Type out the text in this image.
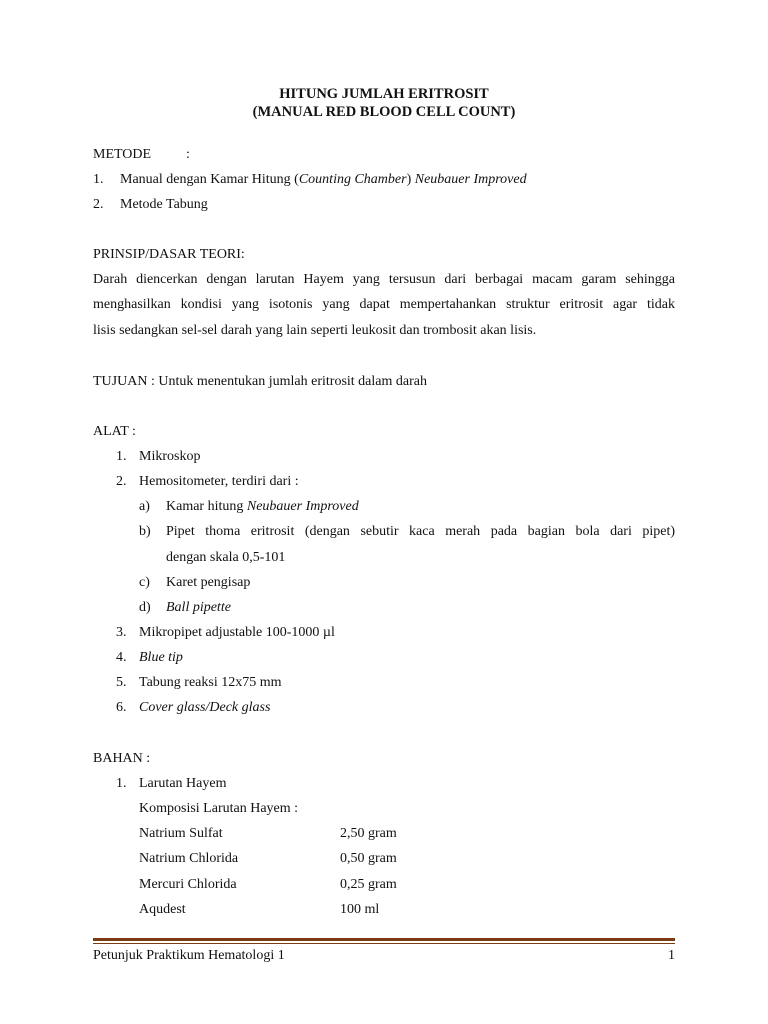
HITUNG JUMLAH ERITROSIT
(MANUAL RED BLOOD CELL COUNT)
METODE :
1. Manual dengan Kamar Hitung (Counting Chamber) Neubauer Improved
2. Metode Tabung
PRINSIP/DASAR TEORI:
Darah diencerkan dengan larutan Hayem yang tersusun dari berbagai macam garam sehingga
menghasilkan kondisi yang isotonis yang dapat mempertahankan struktur eritrosit agar tidak
lisis sedangkan sel-sel darah yang lain seperti leukosit dan trombosit akan lisis.
TUJUAN : Untuk menentukan jumlah eritrosit dalam darah
ALAT :
1. Mikroskop
2. Hemositometer, terdiri dari :
a) Kamar hitung Neubauer Improved
b) Pipet thoma eritrosit (dengan sebutir kaca merah pada bagian bola dari pipet)
dengan skala 0,5-101
c) Karet pengisap
d) Ball pipette
3. Mikropipet adjustable 100-1000 µl
4. Blue tip
5. Tabung reaksi 12x75 mm
6. Cover glass/Deck glass
BAHAN :
1. Larutan Hayem
Komposisi Larutan Hayem :
Natrium Sulfat	2,50 gram
Natrium Chlorida	0,50 gram
Mercuri Chlorida	0,25 gram
Aqudest	100 ml
Petunjuk Praktikum Hematologi 1	1
